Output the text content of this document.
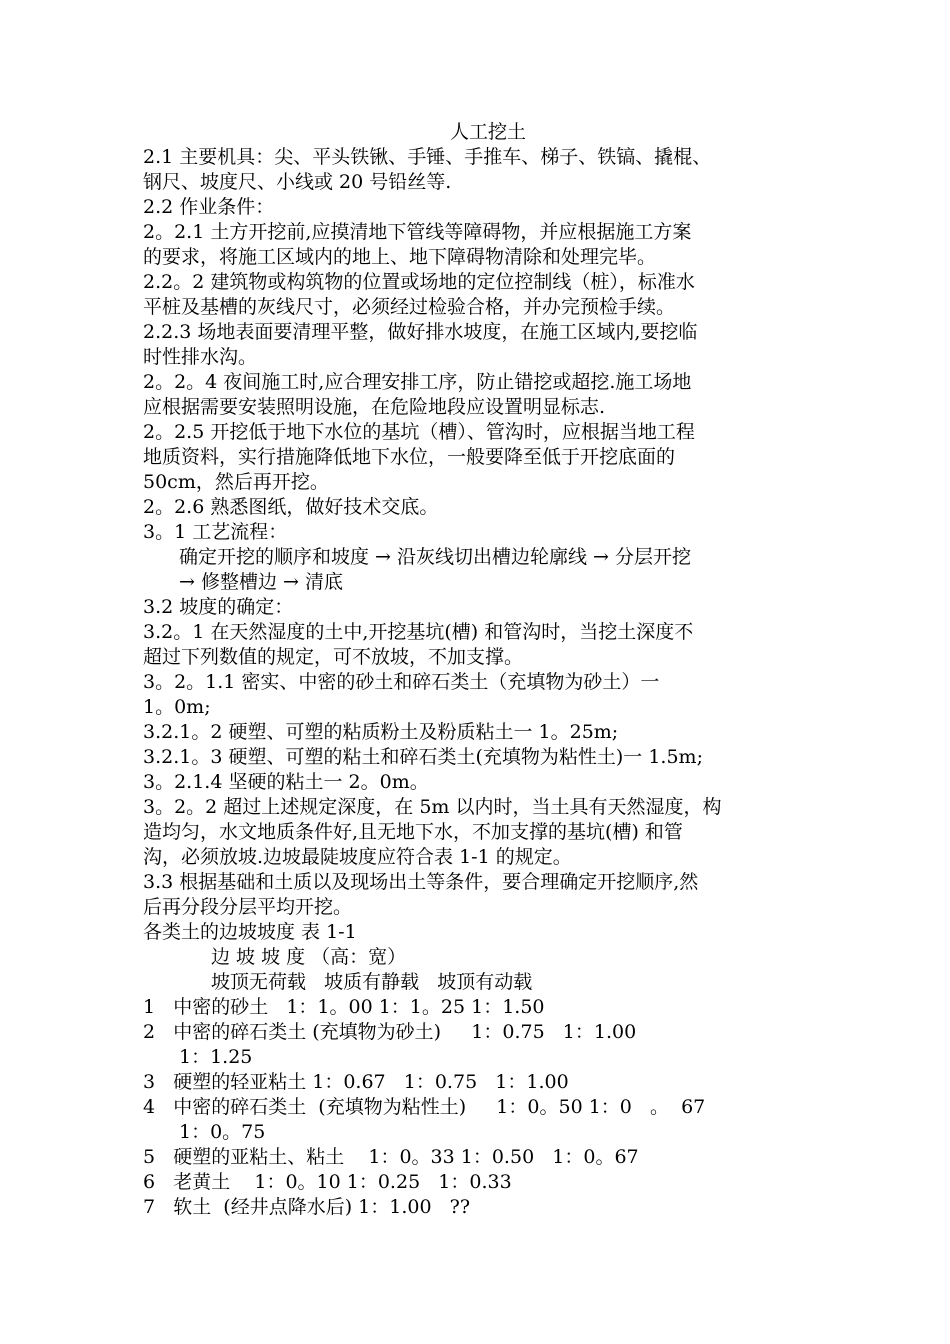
人工挖土
2.1 主要机具：尖、平头铁锹、手锤、手推车、梯子、铁镐、撬棍、
钢尺、坡度尺、小线或 20 号铅丝等.
2.2 作业条件：
2。2.1 土方开挖前,应摸清地下管线等障碍物，并应根据施工方案
的要求，将施工区域内的地上、地下障碍物清除和处理完毕。
2.2。2 建筑物或构筑物的位置或场地的定位控制线（桩），标准水
平桩及基槽的灰线尺寸，必须经过检验合格，并办完预检手续。
2.2.3 场地表面要清理平整，做好排水坡度，在施工区域内,要挖临
时性排水沟。
2。2。4 夜间施工时,应合理安排工序，防止错挖或超挖.施工场地
应根据需要安装照明设施，在危险地段应设置明显标志.
2。2.5 开挖低于地下水位的基坑（槽）、管沟时，应根据当地工程
地质资料，实行措施降低地下水位，一般要降至低于开挖底面的
50cm，然后再开挖。
2。2.6 熟悉图纸，做好技术交底。
3。1 工艺流程：
确定开挖的顺序和坡度 → 沿灰线切出槽边轮廓线 → 分层开挖
→ 修整槽边 → 清底
3.2 坡度的确定：
3.2。1 在天然湿度的土中,开挖基坑(槽) 和管沟时，当挖土深度不
超过下列数值的规定，可不放坡，不加支撑。
3。2。1.1 密实、中密的砂土和碎石类土（充填物为砂土）一
1。0m;
3.2.1。2 硬塑、可塑的粘质粉土及粉质粘土一 1。25m;
3.2.1。3 硬塑、可塑的粘土和碎石类土(充填物为粘性土)一 1.5m;
3。2.1.4 坚硬的粘土一 2。0m。
3。2。2 超过上述规定深度，在 5m 以内时，当土具有天然湿度，构
造均匀，水文地质条件好,且无地下水，不加支撑的基坑(槽) 和管
沟，必须放坡.边坡最陡坡度应符合表 1-1 的规定。
3.3 根据基础和土质以及现场出土等条件，要合理确定开挖顺序,然
后再分段分层平均开挖。
各类土的边坡坡度 表 1-1
边 坡 坡 度 （高：宽）
坡顶无荷载   坡质有静载   坡顶有动载
1   中密的砂土   1：1。00 1：1。25 1：1.50
2   中密的碎石类土 (充填物为砂土)     1：0.75   1：1.00
1：1.25
3   硬塑的轻亚粘土 1：0.67   1：0.75   1：1.00
4   中密的碎石类土  (充填物为粘性土)     1：0。50 1：0   。  67
1：0。75
5   硬塑的亚粘土、粘土    1：0。33 1：0.50   1：0。67
6   老黄土    1：0。10 1：0.25   1：0.33
7   软土  (经井点降水后) 1：1.00   ??
